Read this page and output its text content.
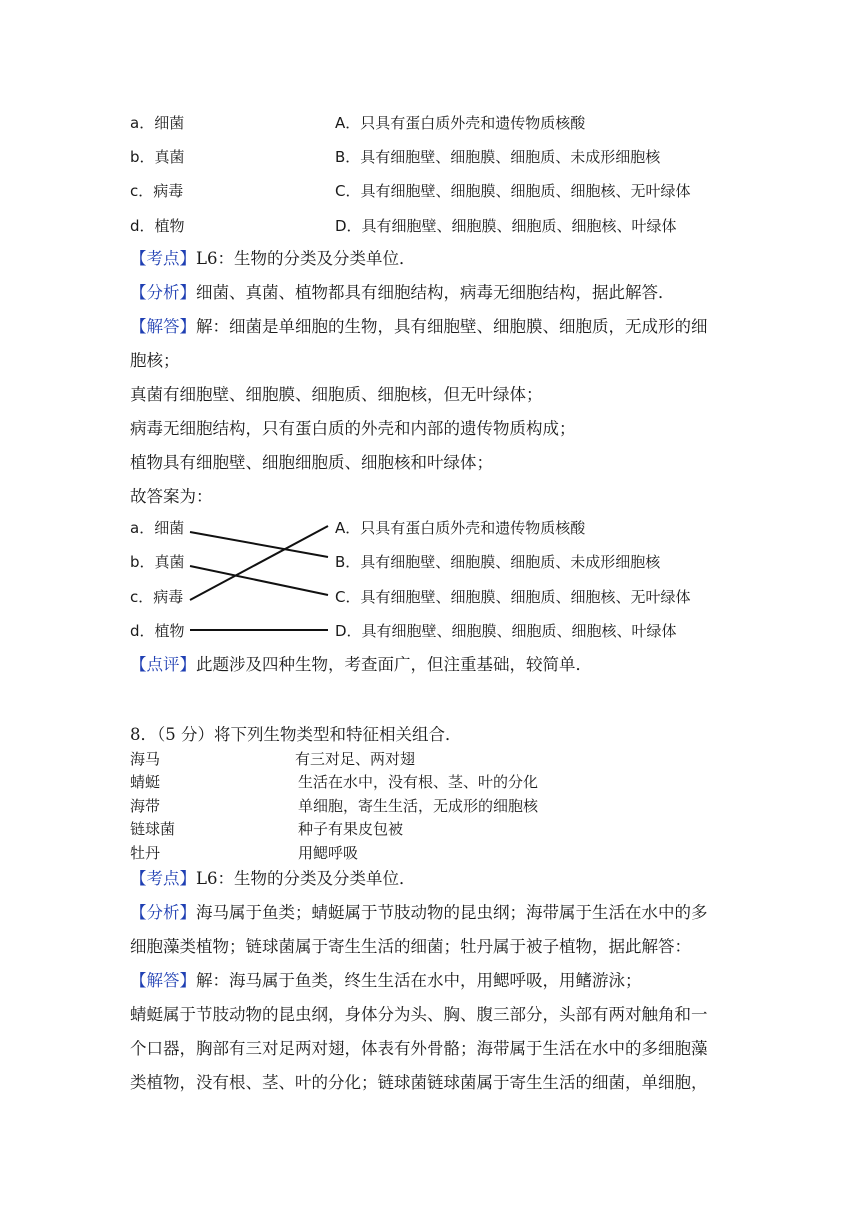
a．细菌	A．只具有蛋白质外壳和遗传物质核酸
b．真菌	B．具有细胞壁、细胞膜、细胞质、未成形细胞核
c．病毒	C．具有细胞壁、细胞膜、细胞质、细胞核、无叶绿体
d．植物	D．具有细胞壁、细胞膜、细胞质、细胞核、叶绿体
【考点】L6：生物的分类及分类单位．
【分析】细菌、真菌、植物都具有细胞结构，病毒无细胞结构，据此解答．
【解答】解：细菌是单细胞的生物，具有细胞壁、细胞膜、细胞质，无成形的细
胞核；
真菌有细胞壁、细胞膜、细胞质、细胞核，但无叶绿体；
病毒无细胞结构，只有蛋白质的外壳和内部的遗传物质构成；
植物具有细胞壁、细胞细胞质、细胞核和叶绿体；
故答案为：
a．细菌	A．只具有蛋白质外壳和遗传物质核酸
b．真菌	B．具有细胞壁、细胞膜、细胞质、未成形细胞核
c．病毒	C．具有细胞壁、细胞膜、细胞质、细胞核、无叶绿体
d．植物	D．具有细胞壁、细胞膜、细胞质、细胞核、叶绿体
【点评】此题涉及四种生物，考查面广，但注重基础，较简单．
8．（5 分）将下列生物类型和特征相关组合．
海马	有三对足、两对翅
蜻蜓	生活在水中，没有根、茎、叶的分化
海带	单细胞，寄生生活，无成形的细胞核
链球菌	种子有果皮包被
牡丹	用鳃呼吸
【考点】L6：生物的分类及分类单位．
【分析】海马属于鱼类；蜻蜓属于节肢动物的昆虫纲；海带属于生活在水中的多
细胞藻类植物；链球菌属于寄生生活的细菌；牡丹属于被子植物，据此解答：
【解答】解：海马属于鱼类，终生生活在水中，用鳃呼吸，用鳍游泳；
蜻蜓属于节肢动物的昆虫纲，身体分为头、胸、腹三部分，头部有两对触角和一
个口器，胸部有三对足两对翅，体表有外骨骼；海带属于生活在水中的多细胞藻
类植物，没有根、茎、叶的分化；链球菌链球菌属于寄生生活的细菌，单细胞，
